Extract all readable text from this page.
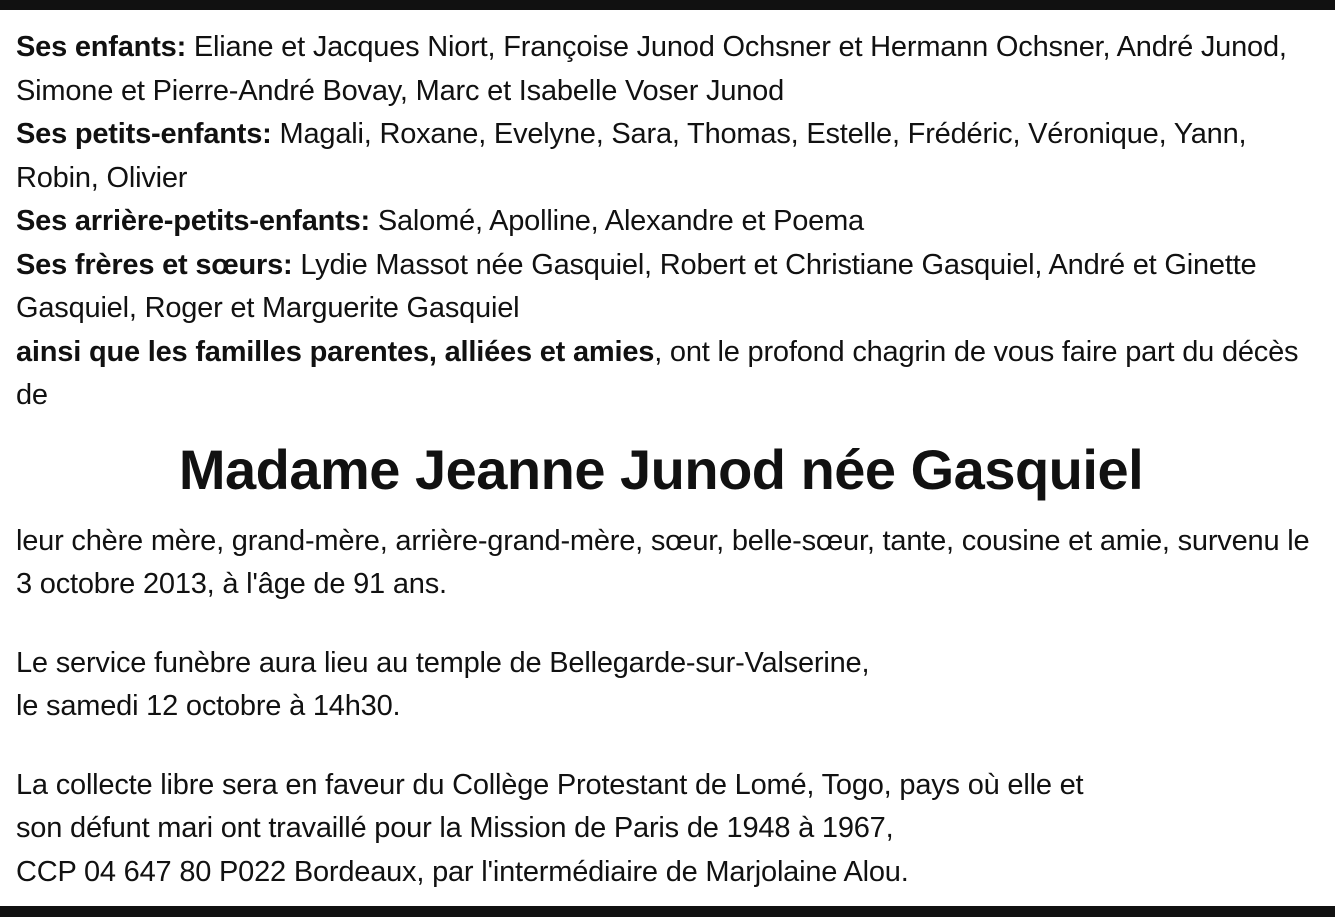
Ses enfants: Eliane et Jacques Niort, Françoise Junod Ochsner et Hermann Ochsner, André Junod, Simone et Pierre-André Bovay, Marc et Isabelle Voser Junod

Ses petits-enfants: Magali, Roxane, Evelyne, Sara, Thomas, Estelle, Frédéric, Véronique, Yann, Robin, Olivier

Ses arrière-petits-enfants: Salomé, Apolline, Alexandre et Poema

Ses frères et sœurs: Lydie Massot née Gasquiel, Robert et Christiane Gasquiel, André et Ginette Gasquiel, Roger et Marguerite Gasquiel

ainsi que les familles parentes, alliées et amies, ont le profond chagrin de vous faire part du décès de

Madame Jeanne Junod née Gasquiel

leur chère mère, grand-mère, arrière-grand-mère, sœur, belle-sœur, tante, cousine et amie, survenu le 3 octobre 2013, à l'âge de 91 ans.

Le service funèbre aura lieu au temple de Bellegarde-sur-Valserine,

le samedi 12 octobre à 14h30.

La collecte libre sera en faveur du Collège Protestant de Lomé, Togo, pays où elle et

son défunt mari ont travaillé pour la Mission de Paris de 1948 à 1967,

CCP 04 647 80 P022 Bordeaux, par l'intermédiaire de Marjolaine Alou.
